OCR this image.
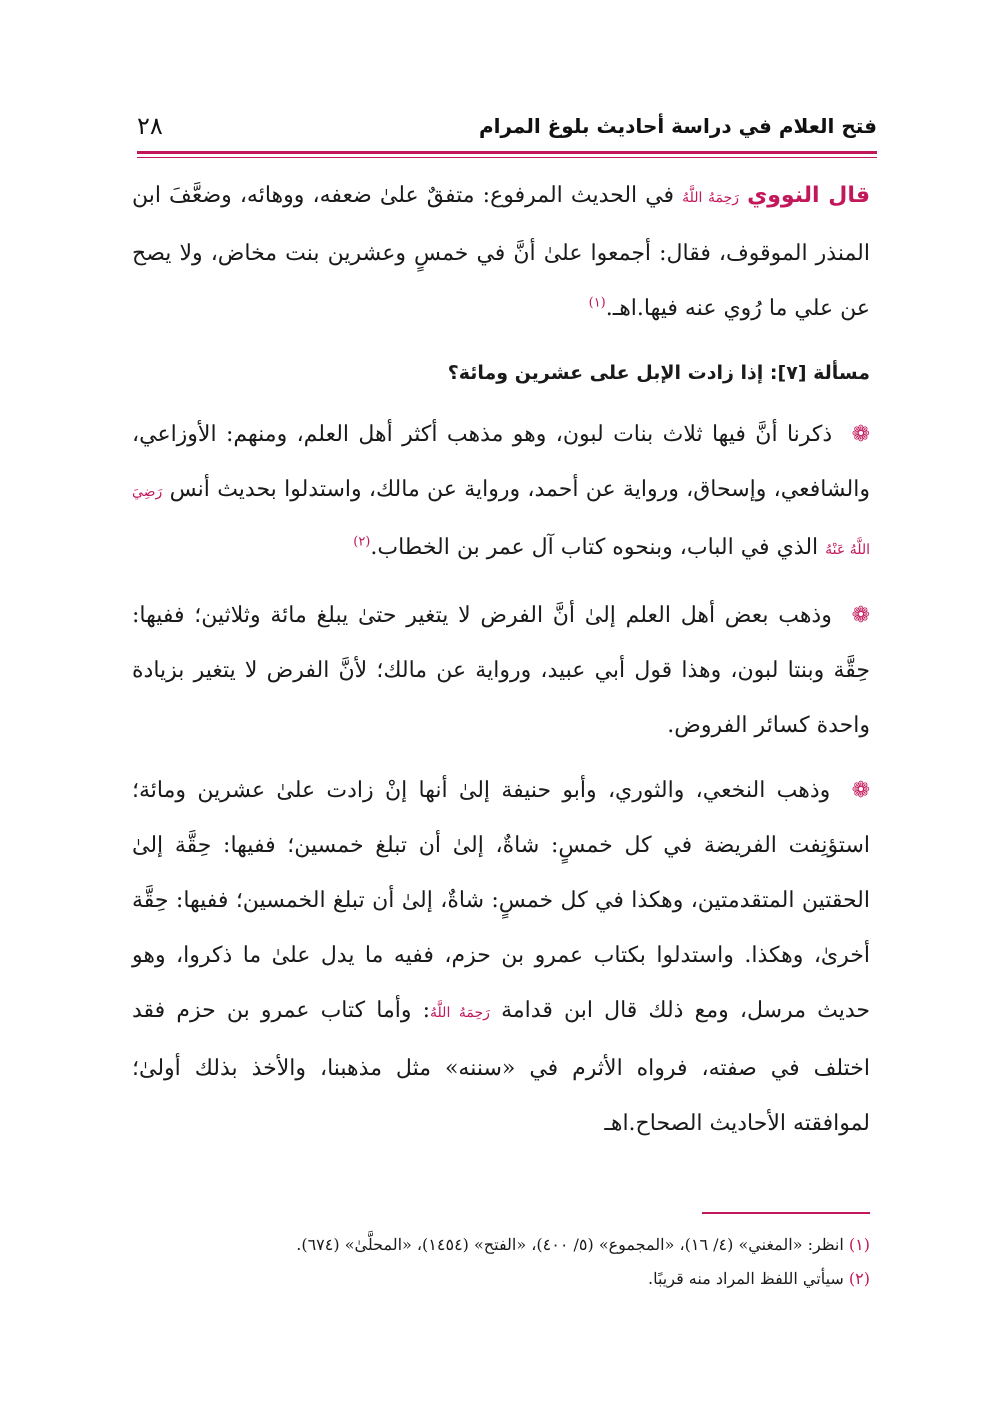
فتح العلام في دراسة أحاديث بلوغ المرام
٢٨

قال النووي رَحِمَهُ اللَّهُ في الحديث المرفوع: متفقٌ علىٰ ضعفه، ووهائه، وضعَّفَ ابن المنذر الموقوف، فقال: أجمعوا علىٰ أنَّ في خمسٍ وعشرين بنت مخاض، ولا يصح عن علي ما رُوي عنه فيها.اهـ.$^{(١)}$

مسألة [٧]: إذا زادت الإبل على عشرين ومائة؟

❁ ذكرنا أنَّ فيها ثلاث بنات لبون، وهو مذهب أكثر أهل العلم، ومنهم: الأوزاعي، والشافعي، وإسحاق، ورواية عن أحمد، ورواية عن مالك، واستدلوا بحديث أنس رَضِيَ اللَّهُ عَنْهُ الذي في الباب، وبنحوه كتاب آل عمر بن الخطاب.$^{(٢)}$

❁ وذهب بعض أهل العلم إلىٰ أنَّ الفرض لا يتغير حتىٰ يبلغ مائة وثلاثين؛ ففيها: حِقَّة وبنتا لبون، وهذا قول أبي عبيد، ورواية عن مالك؛ لأنَّ الفرض لا يتغير بزيادة واحدة كسائر الفروض.

❁ وذهب النخعي، والثوري، وأبو حنيفة إلىٰ أنها إنْ زادت علىٰ عشرين ومائة؛ استؤنِفت الفريضة في كل خمسٍ: شاةٌ، إلىٰ أن تبلغ خمسين؛ ففيها: حِقَّة إلىٰ الحقتين المتقدمتين، وهكذا في كل خمسٍ: شاةٌ، إلىٰ أن تبلغ الخمسين؛ ففيها: حِقَّة أخرىٰ، وهكذا. واستدلوا بكتاب عمرو بن حزم، ففيه ما يدل علىٰ ما ذكروا، وهو حديث مرسل، ومع ذلك قال ابن قدامة رَحِمَهُ اللَّهُ: وأما كتاب عمرو بن حزم فقد اختلف في صفته، فرواه الأثرم في «سننه» مثل مذهبنا، والأخذ بذلك أولىٰ؛ لموافقته الأحاديث الصحاح.اهـ

(١) انظر: «المغني» (٤/ ١٦)، «المجموع» (٥/ ٤٠٠)، «الفتح» (١٤٥٤)، «المحلَّىٰ» (٦٧٤).
(٢) سيأتي اللفظ المراد منه قريبًا.
